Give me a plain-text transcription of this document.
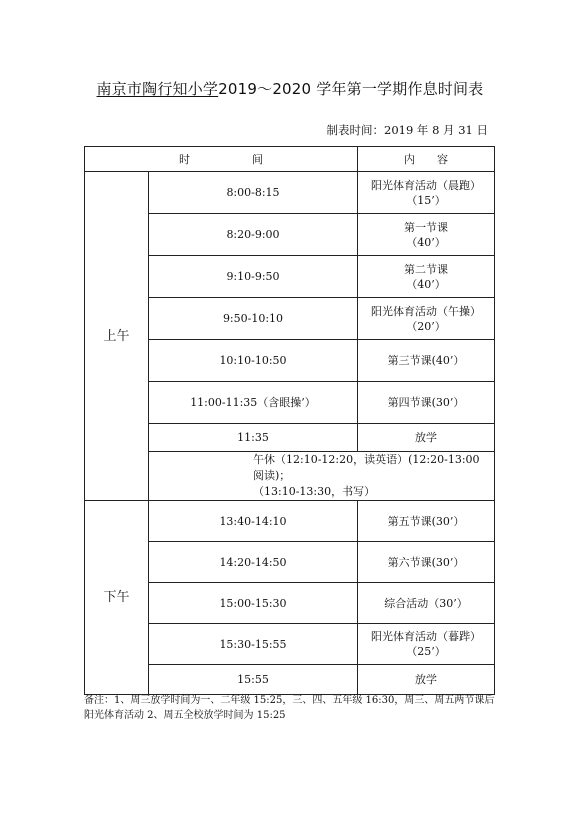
南京市陶行知小学2019～2020 学年第一学期作息时间表
制表时间：2019 年 8 月 31 日
时 间		内 容
上午	8:00-8:15	阳光体育活动（晨跑）
（15’）

	8:20-9:00	第一节课
（40’）

	9:10-9:50	第二节课
（40’）

	9:50-10:10	阳光体育活动（午操）
（20’）

	10:10-10:50	第三节课(40’）
	11:00-11:35（含眼操’）	第四节课(30’）
	11:35	放学

	午休（12:10-12:20，读英语）(12:20-13:00 阅读)；
（13:10-13:30，书写）	

下午	13:40-14:10	第五节课(30’）
	14:20-14:50	第六节课(30’）
	15:00-15:30	综合活动（30’）
	15:30-15:55	阳光体育活动（暮跸）
（25’）

	15:55	放学
备注：1、周三放学时间为一、二年级 15:25，三、四、五年级 16:30，周三、周五两节课后
阳光体育活动 2、周五全校放学时间为 15:25
